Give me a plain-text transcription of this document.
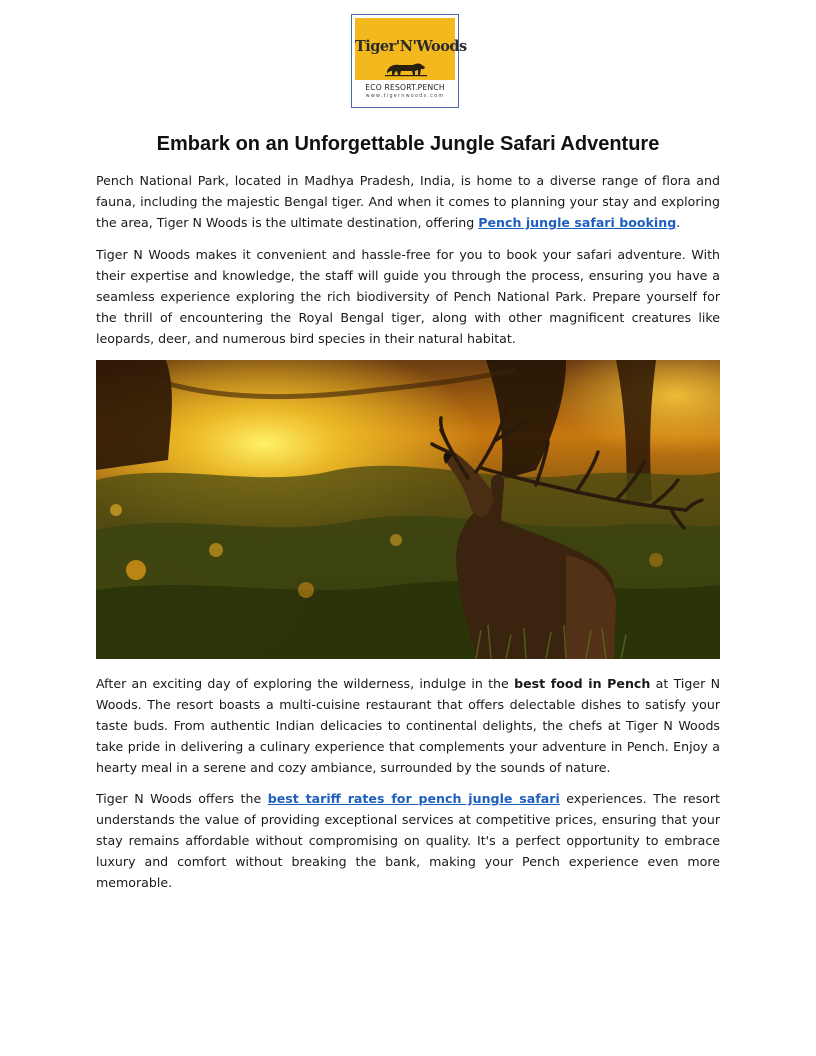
Tiger'N'Woods
ECO RESORT.PENCH
www.tigernwoods.com
Embark on an Unforgettable Jungle Safari Adventure

Pench National Park, located in Madhya Pradesh, India, is home to a diverse range of flora and fauna, including the majestic Bengal tiger. And when it comes to planning your stay and exploring the area, Tiger N Woods is the ultimate destination, offering Pench jungle safari booking.

Tiger N Woods makes it convenient and hassle-free for you to book your safari adventure. With their expertise and knowledge, the staff will guide you through the process, ensuring you have a seamless experience exploring the rich biodiversity of Pench National Park. Prepare yourself for the thrill of encountering the Royal Bengal tiger, along with other magnificent creatures like leopards, deer, and numerous bird species in their natural habitat.

After an exciting day of exploring the wilderness, indulge in the best food in Pench at Tiger N Woods. The resort boasts a multi-cuisine restaurant that offers delectable dishes to satisfy your taste buds. From authentic Indian delicacies to continental delights, the chefs at Tiger N Woods take pride in delivering a culinary experience that complements your adventure in Pench. Enjoy a hearty meal in a serene and cozy ambiance, surrounded by the sounds of nature.

Tiger N Woods offers the best tariff rates for pench jungle safari experiences. The resort understands the value of providing exceptional services at competitive prices, ensuring that your stay remains affordable without compromising on quality. It's a perfect opportunity to embrace luxury and comfort without breaking the bank, making your Pench experience even more memorable.
